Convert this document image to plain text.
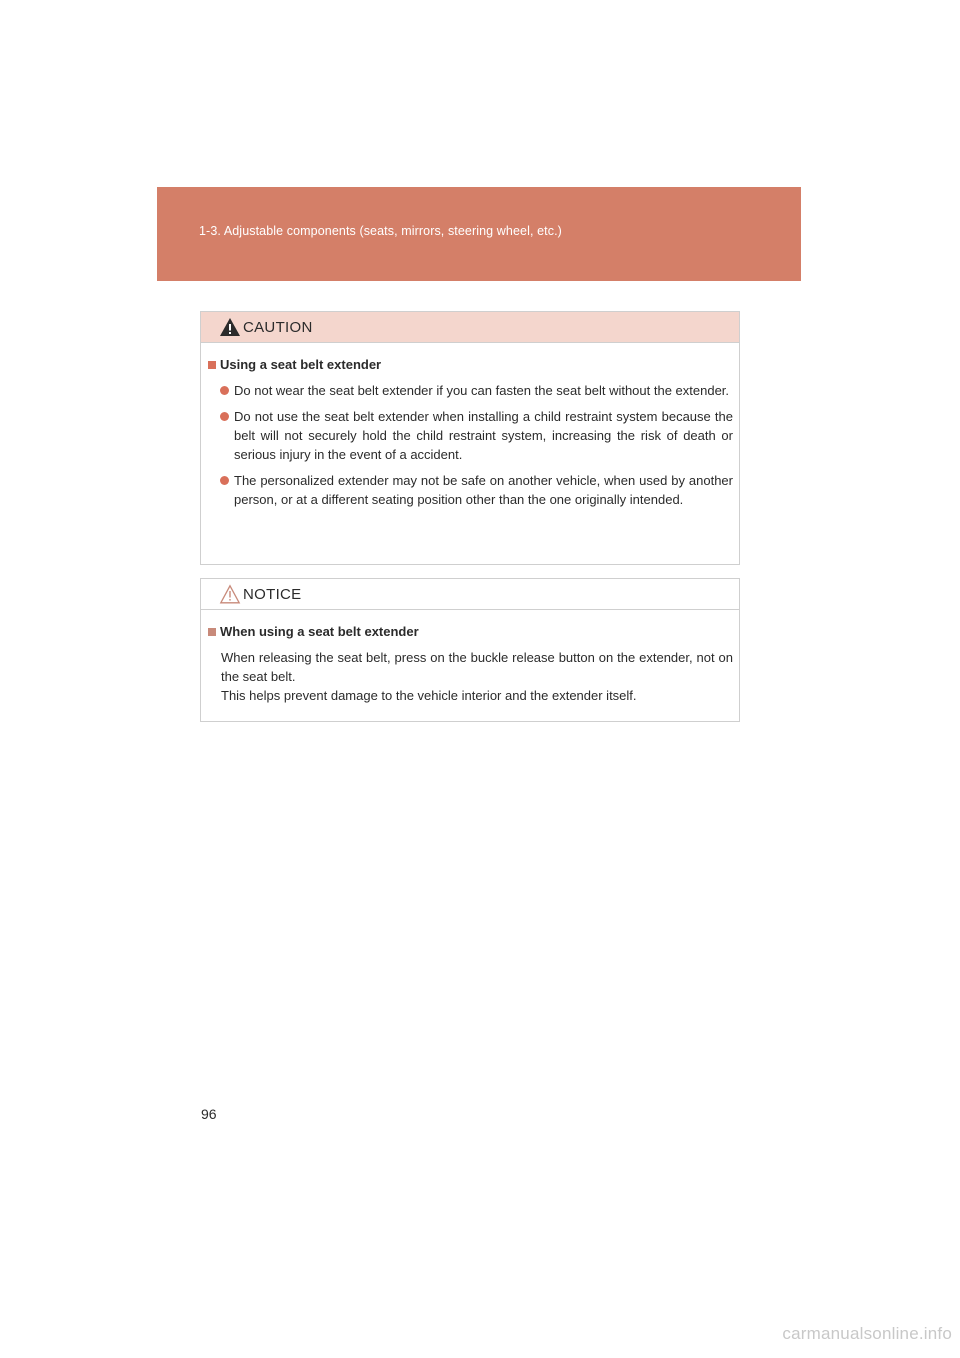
1-3. Adjustable components (seats, mirrors, steering wheel, etc.)
CAUTION
Using a seat belt extender
Do not wear the seat belt extender if you can fasten the seat belt without the extender.
Do not use the seat belt extender when installing a child restraint system because the belt will not securely hold the child restraint system, increasing the risk of death or serious injury in the event of a accident.
The personalized extender may not be safe on another vehicle, when used by another person, or at a different seating position other than the one originally intended.
NOTICE
When using a seat belt extender
When releasing the seat belt, press on the buckle release button on the extender, not on the seat belt.
This helps prevent damage to the vehicle interior and the extender itself.
96
carmanualsonline.info
